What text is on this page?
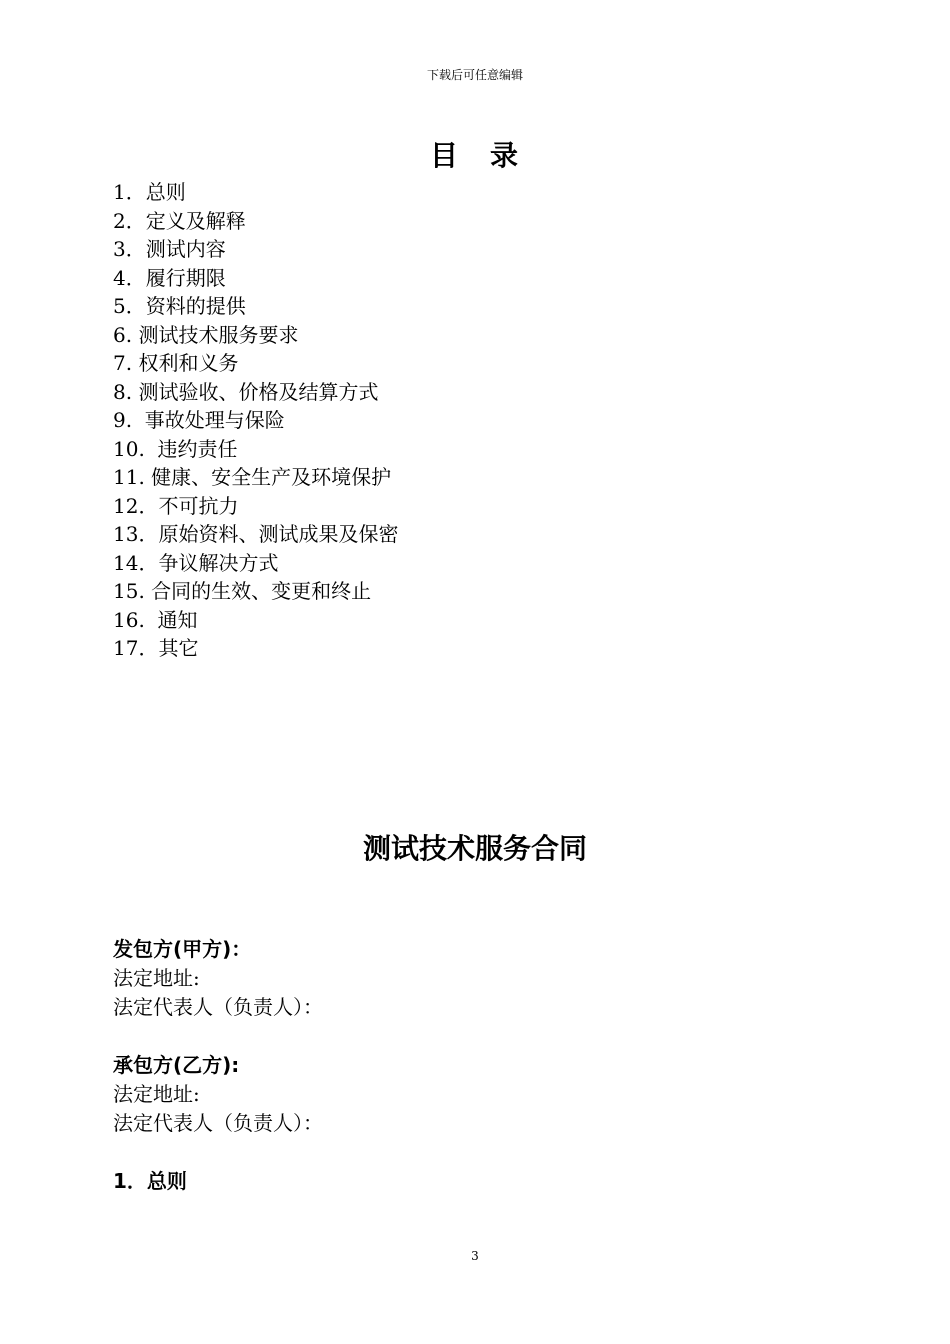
下载后可任意编辑
目　录
1．总则
2．定义及解释
3．测试内容
4．履行期限
5．资料的提供
6. 测试技术服务要求
7. 权利和义务
8. 测试验收、价格及结算方式
9.  事故处理与保险
10.  违约责任
11. 健康、安全生产及环境保护
12．不可抗力
13．原始资料、测试成果及保密
14．争议解决方式
15. 合同的生效、变更和终止
16.  通知
17．其它
测试技术服务合同
发包方(甲方)：
法定地址:
法定代表人（负责人）：
承包方(乙方):
法定地址:
法定代表人（负责人）：
1．总则
3
